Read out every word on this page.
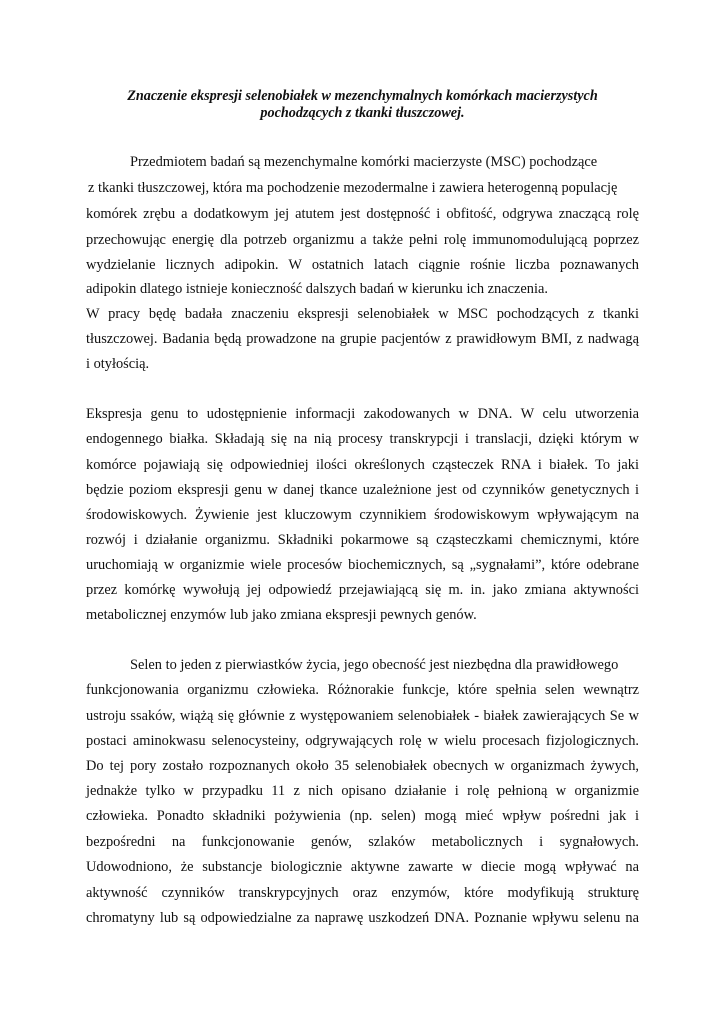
Znaczenie ekspresji selenobiałek w mezenchymalnych komórkach macierzystych
pochodzących z tkanki tłuszczowej.
Przedmiotem badań są mezenchymalne komórki macierzyste (MSC) pochodzące
z tkanki tłuszczowej, która ma pochodzenie mezodermalne i zawiera heterogenną populację
komórek zrębu a dodatkowym jej atutem jest dostępność i obfitość, odgrywa znaczącą rolę
przechowując energię dla potrzeb organizmu a także pełni rolę immunomodulującą poprzez
wydzielanie licznych adipokin. W ostatnich latach ciągnie rośnie liczba poznawanych
adipokin dlatego istnieje konieczność dalszych badań w kierunku ich znaczenia.
W pracy będę badała znaczeniu ekspresji selenobiałek w MSC pochodzących z tkanki
tłuszczowej. Badania będą prowadzone na grupie pacjentów z prawidłowym BMI, z nadwagą
i otyłością.
Ekspresja genu to udostępnienie informacji zakodowanych w DNA. W celu utworzenia
endogennego białka. Składają się na nią procesy transkrypcji i translacji, dzięki którym w
komórce pojawiają się odpowiedniej ilości określonych cząsteczek RNA i białek. To jaki
będzie poziom ekspresji genu w danej tkance uzależnione jest od czynników genetycznych i
środowiskowych. Żywienie jest kluczowym czynnikiem środowiskowym wpływającym na
rozwój i działanie organizmu. Składniki pokarmowe są cząsteczkami chemicznymi, które
uruchomiają w organizmie wiele procesów biochemicznych, są „sygnałami”, które odebrane
przez komórkę wywołują jej odpowiedź przejawiającą się m. in. jako zmiana aktywności
metabolicznej enzymów lub jako zmiana ekspresji pewnych genów.
Selen to jeden z pierwiastków życia, jego obecność jest niezbędna dla prawidłowego
funkcjonowania organizmu człowieka. Różnorakie funkcje, które spełnia selen wewnątrz
ustroju ssaków, wiążą się głównie z występowaniem selenobiałek - białek zawierających Se w
postaci aminokwasu selenocysteiny, odgrywających rolę w wielu procesach fizjologicznych.
Do tej pory zostało rozpoznanych około 35 selenobiałek obecnych w organizmach żywych,
jednakże tylko w przypadku 11 z nich opisano działanie i rolę pełnioną w organizmie
człowieka. Ponadto składniki pożywienia (np. selen) mogą mieć wpływ pośredni jak i
bezpośredni na funkcjonowanie genów, szlaków metabolicznych i sygnałowych.
Udowodniono, że substancje biologicznie aktywne zawarte w diecie mogą wpływać na
aktywność czynników transkrypcyjnych oraz enzymów, które modyfikują strukturę
chromatyny lub są odpowiedzialne za naprawę uszkodzeń DNA. Poznanie wpływu selenu na
